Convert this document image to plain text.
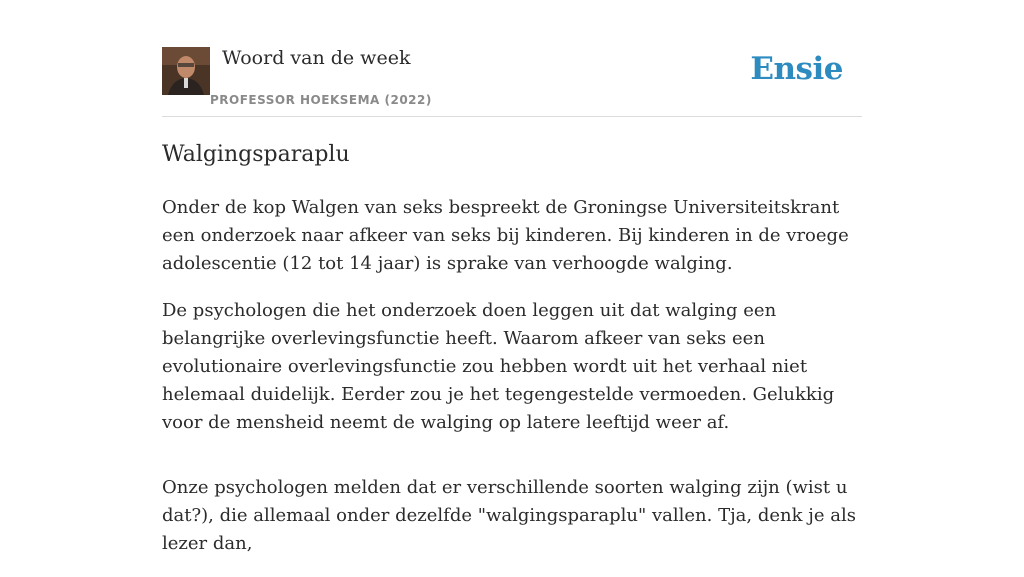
Woord van de week
PROFESSOR HOEKSEMA (2022)
Ensie
Walgingsparaplu

Onder de kop Walgen van seks bespreekt de Groningse Universiteitskrant een onderzoek naar afkeer van seks bij kinderen. Bij kinderen in de vroege adolescentie (12 tot 14 jaar) is sprake van verhoogde walging.

De psychologen die het onderzoek doen leggen uit dat walging een belangrijke overlevingsfunctie heeft. Waarom afkeer van seks een evolutionaire overlevingsfunctie zou hebben wordt uit het verhaal niet helemaal duidelijk. Eerder zou je het tegengestelde vermoeden. Gelukkig voor de mensheid neemt de walging op latere leeftijd weer af.

Onze psychologen melden dat er verschillende soorten walging zijn (wist u dat?), die allemaal onder dezelfde "walgingsparaplu" vallen. Tja, denk je als lezer dan,
